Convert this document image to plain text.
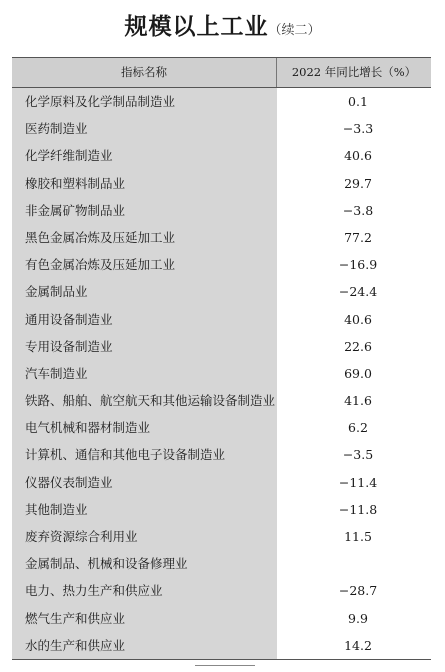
规模以上工业（续二）
指标名称	2022 年同比增长（%）
化学原料及化学制品制造业	0.1
医药制造业	−3.3
化学纤维制造业	40.6
橡胶和塑料制品业	29.7
非金属矿物制品业	−3.8
黑色金属冶炼及压延加工业	77.2
有色金属冶炼及压延加工业	−16.9
金属制品业	−24.4
通用设备制造业	40.6
专用设备制造业	22.6
汽车制造业	69.0
铁路、船舶、航空航天和其他运输设备制造业	41.6
电气机械和器材制造业	6.2
计算机、通信和其他电子设备制造业	−3.5
仪器仪表制造业	−11.4
其他制造业	−11.8
废弃资源综合利用业	11.5
金属制品、机械和设备修理业
电力、热力生产和供应业	−28.7
燃气生产和供应业	9.9
水的生产和供应业	14.2
